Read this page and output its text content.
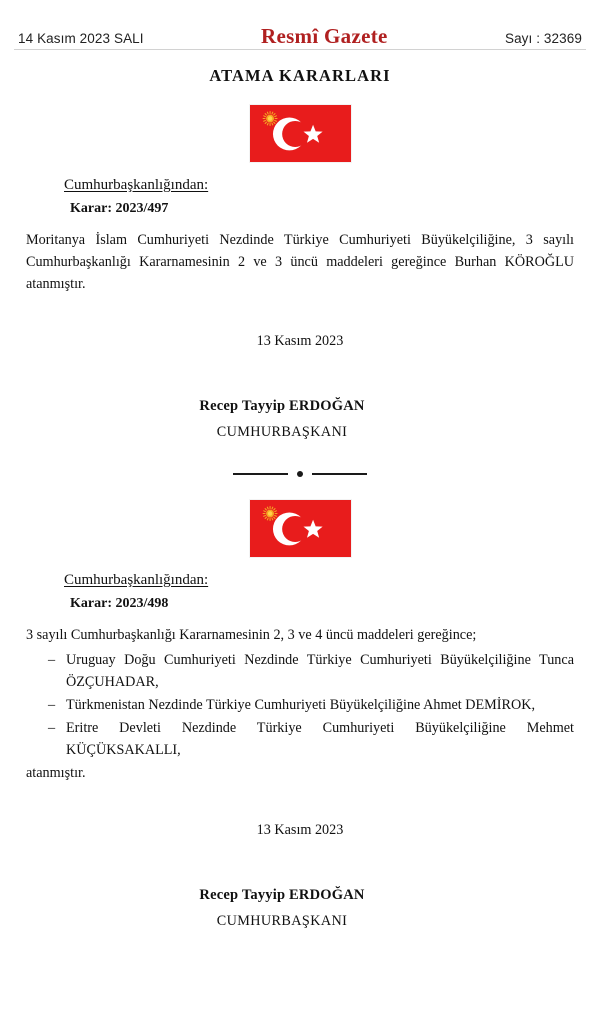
14 Kasım 2023 SALI	Resmî Gazete	Sayı : 32369
ATAMA KARARLARI
Cumhurbaşkanlığından:
Karar: 2023/497
Moritanya İslam Cumhuriyeti Nezdinde Türkiye Cumhuriyeti Büyükelçiliğine, 3 sayılı Cumhurbaşkanlığı Kararnamesinin 2 ve 3 üncü maddeleri gereğince Burhan KÖROĞLU atanmıştır.
13 Kasım 2023
Recep Tayyip ERDOĞAN
CUMHURBAŞKANI
Cumhurbaşkanlığından:
Karar: 2023/498
3 sayılı Cumhurbaşkanlığı Kararnamesinin 2, 3 ve 4 üncü maddeleri gereğince;
– Uruguay Doğu Cumhuriyeti Nezdinde Türkiye Cumhuriyeti Büyükelçiliğine Tunca ÖZÇUHADAR,
– Türkmenistan Nezdinde Türkiye Cumhuriyeti Büyükelçiliğine Ahmet DEMİROK,
– Eritre Devleti Nezdinde Türkiye Cumhuriyeti Büyükelçiliğine Mehmet KÜÇÜKSAKALLI,
atanmıştır.
13 Kasım 2023
Recep Tayyip ERDOĞAN
CUMHURBAŞKANI
